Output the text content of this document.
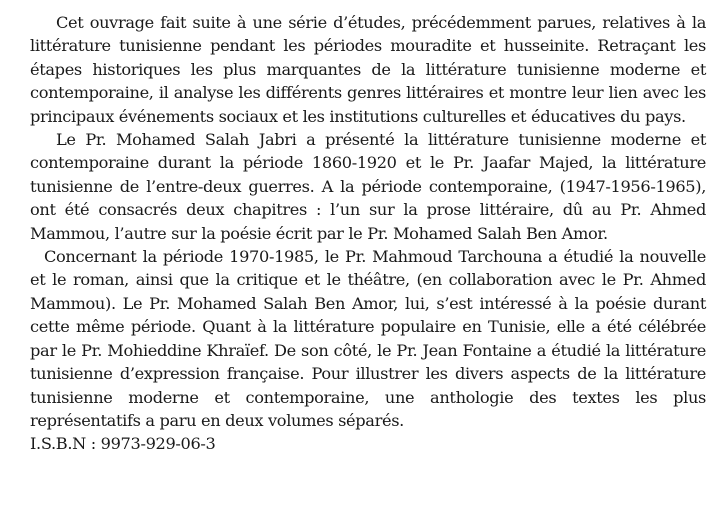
Cet ouvrage fait suite à une série d’études, précédemment parues, relatives à la littérature tunisienne pendant les périodes mouradite et husseinite. Retraçant les étapes historiques les plus marquantes de la littérature tunisienne moderne et contemporaine, il analyse les différents genres littéraires et montre leur lien avec les principaux événements sociaux et les institutions culturelles et éducatives du pays.

Le Pr. Mohamed Salah Jabri a présenté la littérature tunisienne moderne et contemporaine durant la période 1860-1920 et le Pr. Jaafar Majed, la littérature tunisienne de l’entre-deux guerres. A la période contemporaine, (1947-1956-1965), ont été consacrés deux chapitres : l’un sur la prose littéraire, dû au Pr. Ahmed Mammou, l’autre sur la poésie écrit par le Pr. Mohamed Salah Ben Amor.

Concernant la période 1970-1985, le Pr. Mahmoud Tarchouna a étudié la nouvelle et le roman, ainsi que la critique et le théâtre, (en collaboration avec le Pr. Ahmed Mammou). Le Pr. Mohamed Salah Ben Amor, lui, s’est intéressé à la poésie durant cette même période. Quant à la littérature populaire en Tunisie, elle a été célébrée par le Pr. Mohieddine Khraïef. De son côté, le Pr. Jean Fontaine a étudié la littérature tunisienne d’expression française. Pour illustrer les divers aspects de la littérature tunisienne moderne et contemporaine, une anthologie des textes les plus représentatifs a paru en deux volumes séparés.

I.S.B.N : 9973-929-06-3
